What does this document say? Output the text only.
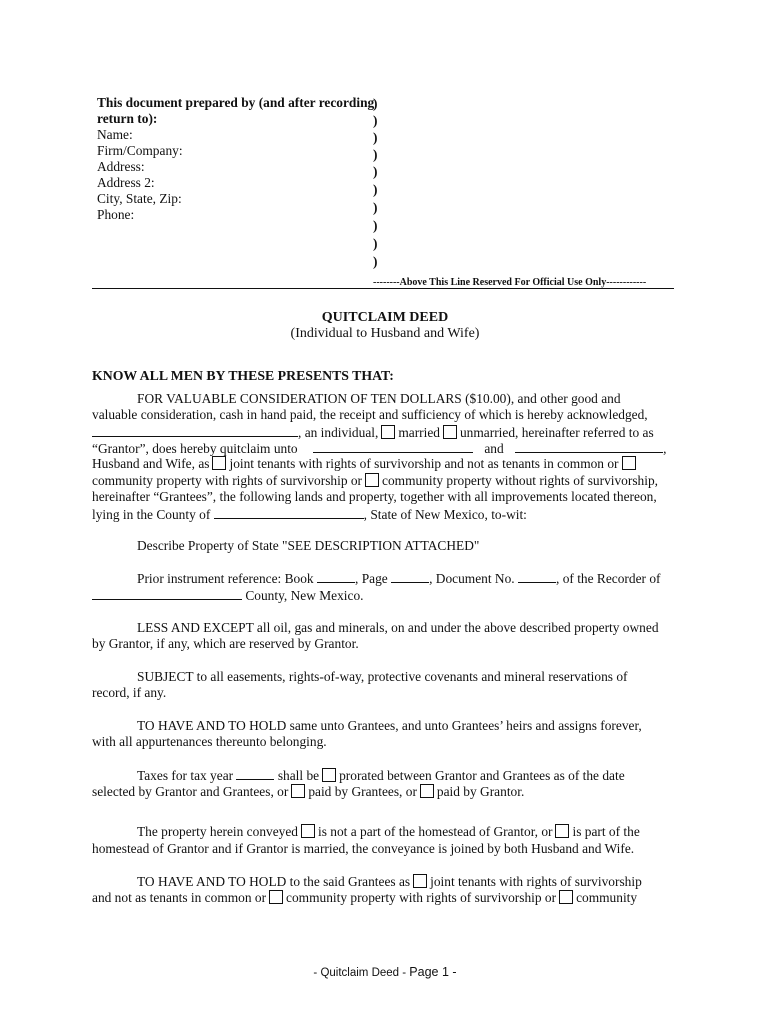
This document prepared by (and after recording
return to):
Name:
Firm/Company:
Address:
Address 2:
City, State, Zip:
Phone:
)
)
)
)
)
)
)
)
)
)
--------Above This Line Reserved For Official Use Only------------
QUITCLAIM DEED
(Individual to Husband and Wife)
KNOW ALL MEN BY THESE PRESENTS THAT:
FOR VALUABLE CONSIDERATION OF TEN DOLLARS ($10.00), and other good and
valuable consideration, cash in hand paid, the receipt and sufficiency of which is hereby acknowledged,
, an individual, married unmarried, hereinafter referred to as
“Grantor”, does hereby quitclaim unto	and	,
Husband and Wife, as joint tenants with rights of survivorship and not as tenants in common or
community property with rights of survivorship or community property without rights of survivorship,
hereinafter “Grantees”, the following lands and property, together with all improvements located thereon,
lying in the County of	, State of New Mexico, to-wit:
Describe Property of State "SEE DESCRIPTION ATTACHED"
Prior instrument reference: Book	, Page	, Document No.	, of the Recorder of
County, New Mexico.
LESS AND EXCEPT all oil, gas and minerals, on and under the above described property owned
by Grantor, if any, which are reserved by Grantor.
SUBJECT to all easements, rights-of-way, protective covenants and mineral reservations of
record, if any.
TO HAVE AND TO HOLD same unto Grantees, and unto Grantees’ heirs and assigns forever,
with all appurtenances thereunto belonging.
Taxes for tax year	shall be prorated between Grantor and Grantees as of the date
selected by Grantor and Grantees, or paid by Grantees, or paid by Grantor.
The property herein conveyed is not a part of the homestead of Grantor, or is part of the
homestead of Grantor and if Grantor is married, the conveyance is joined by both Husband and Wife.
TO HAVE AND TO HOLD to the said Grantees as joint tenants with rights of survivorship
and not as tenants in common or community property with rights of survivorship or community
- Quitclaim Deed - Page 1 -
